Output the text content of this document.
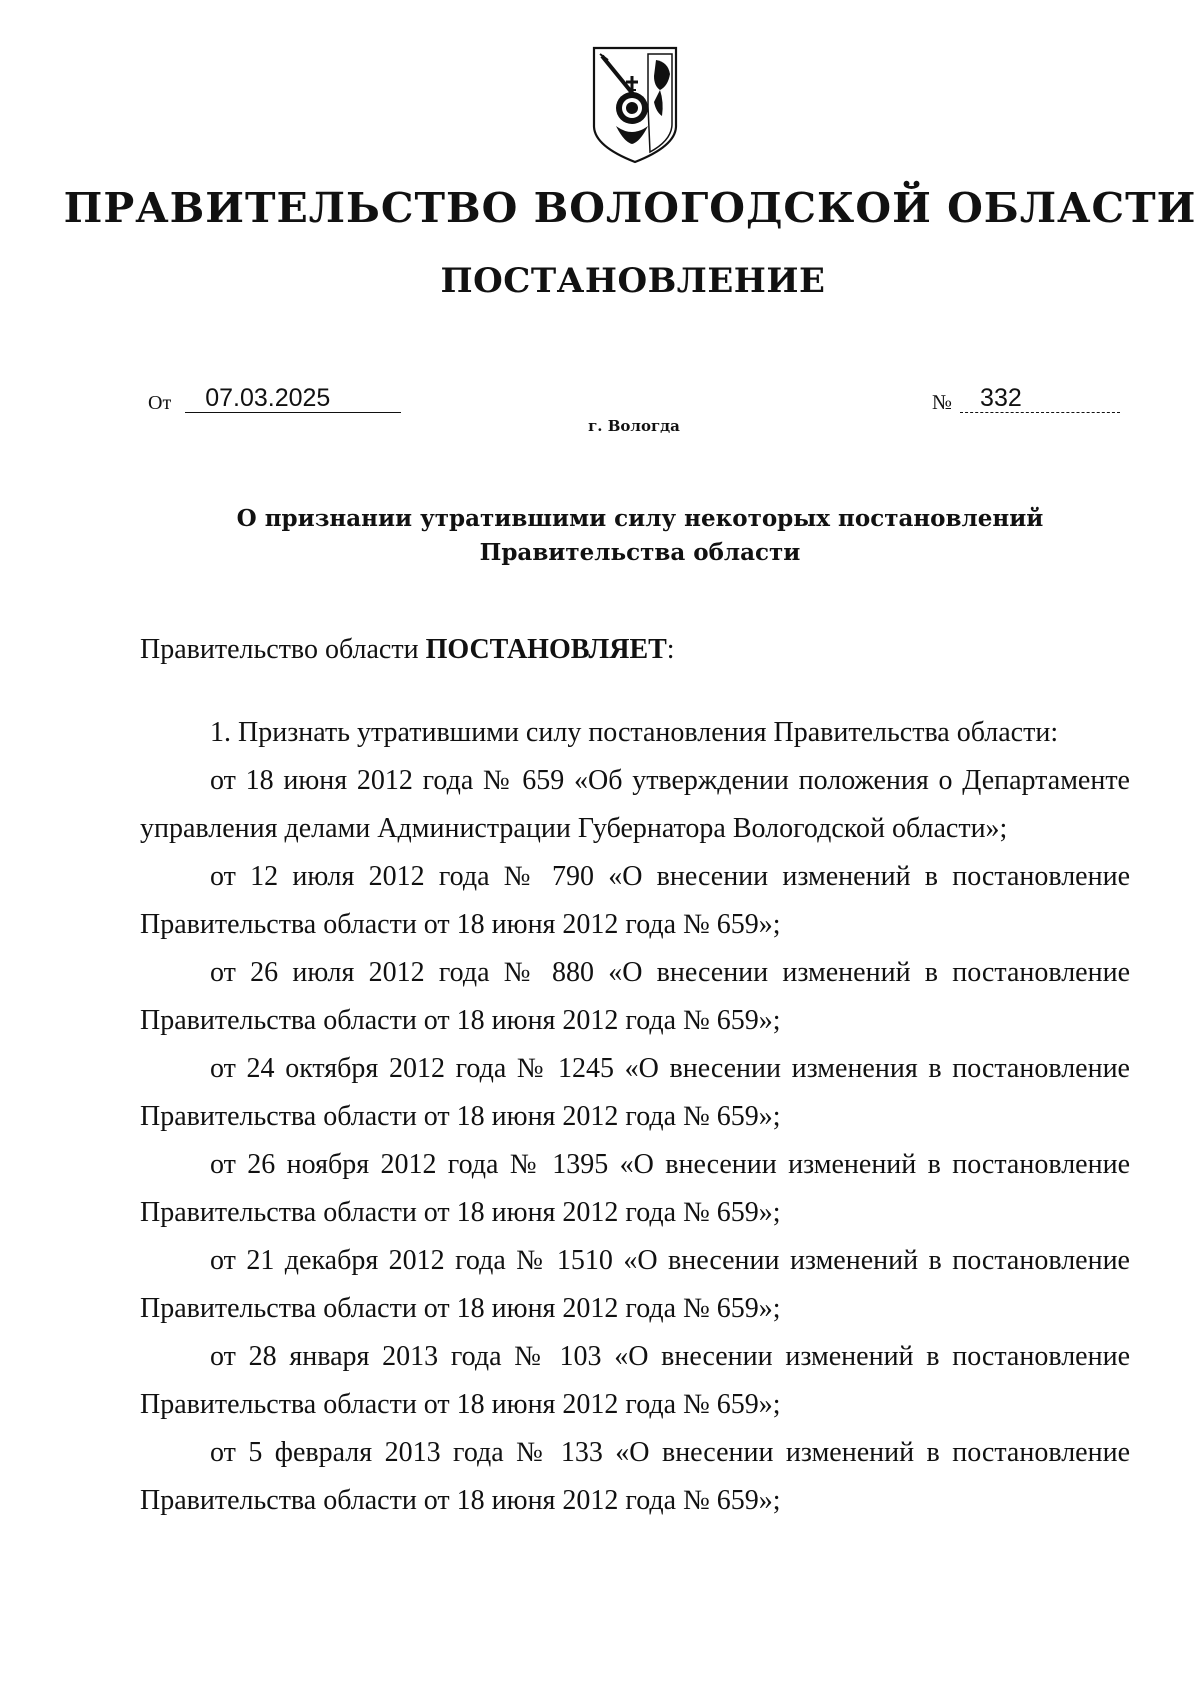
ПРАВИТЕЛЬСТВО ВОЛОГОДСКОЙ ОБЛАСТИ
ПОСТАНОВЛЕНИЕ
От 07.03.2025	№ 332

г. Вологда

О признании утратившими силу некоторых постановлений
Правительства области

Правительство области ПОСТАНОВЛЯЕТ:

1. Признать утратившими силу постановления Правительства области:

от 18 июня 2012 года № 659 «Об утверждении положения о Департаменте управления делами Администрации Губернатора Вологодской области»;

от 12 июля 2012 года № 790 «О внесении изменений в постановление Правительства области от 18 июня 2012 года № 659»;

от 26 июля 2012 года № 880 «О внесении изменений в постановление Правительства области от 18 июня 2012 года № 659»;

от 24 октября 2012 года № 1245 «О внесении изменения в постановление Правительства области от 18 июня 2012 года № 659»;

от 26 ноября 2012 года № 1395 «О внесении изменений в постановление Правительства области от 18 июня 2012 года № 659»;

от 21 декабря 2012 года № 1510 «О внесении изменений в постановление Правительства области от 18 июня 2012 года № 659»;

от 28 января 2013 года № 103 «О внесении изменений в постановление Правительства области от 18 июня 2012 года № 659»;

от 5 февраля 2013 года № 133 «О внесении изменений в постановление Правительства области от 18 июня 2012 года № 659»;
